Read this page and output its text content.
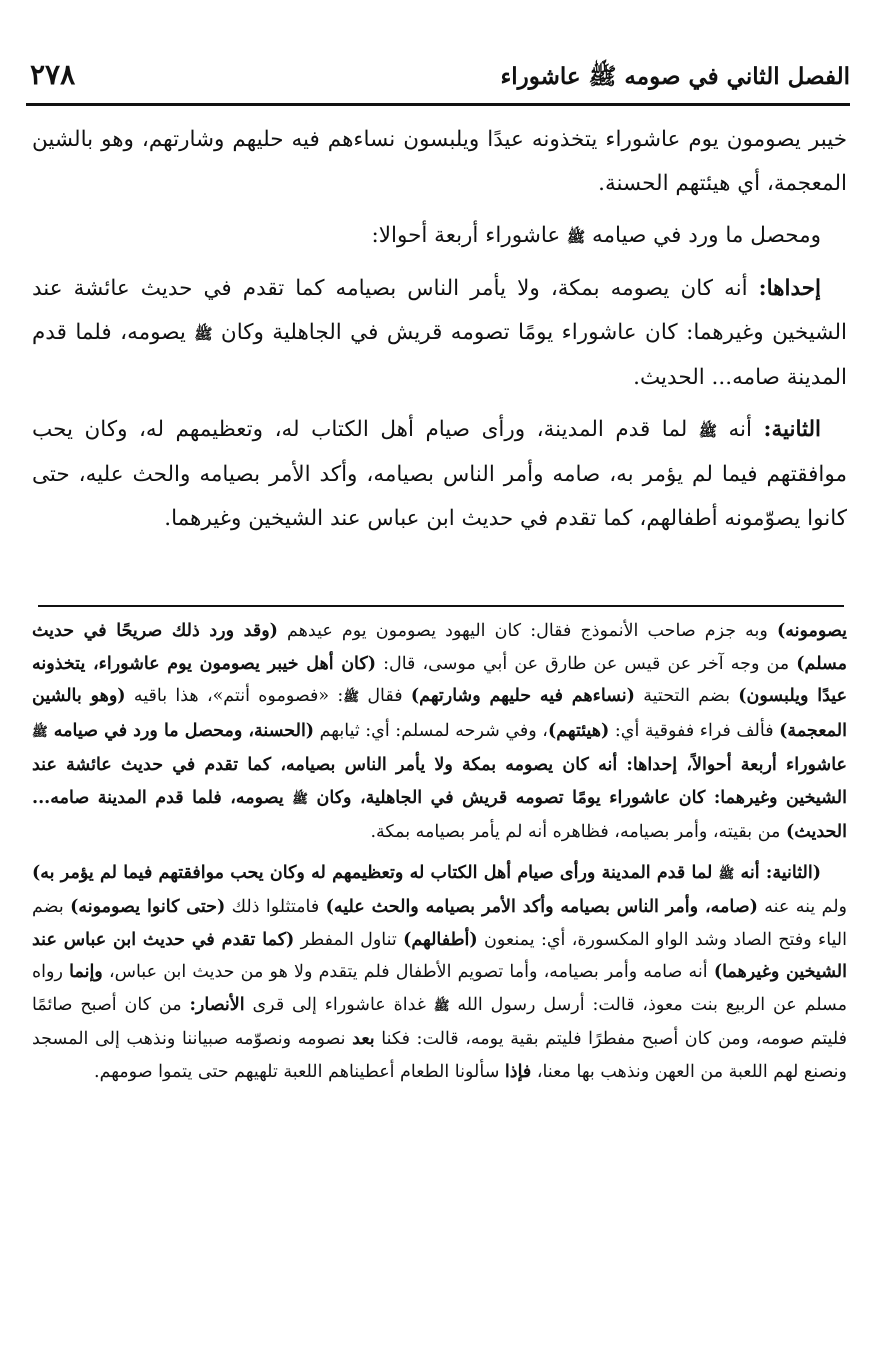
الفصل الثاني في صومه ﷺ عاشوراء
٢٧٨

خيبر يصومون يوم عاشوراء يتخذونه عيدًا ويلبسون نساءهم فيه حليهم وشارتهم، وهو بالشين المعجمة، أي هيئتهم الحسنة.

ومحصل ما ورد في صيامه ﷺ عاشوراء أربعة أحوالا:

إحداها: أنه كان يصومه بمكة، ولا يأمر الناس بصيامه كما تقدم في حديث عائشة عند الشيخين وغيرهما: كان عاشوراء يومًا تصومه قريش في الجاهلية وكان ﷺ يصومه، فلما قدم المدينة صامه... الحديث.

الثانية: أنه ﷺ لما قدم المدينة، ورأى صيام أهل الكتاب له، وتعظيمهم له، وكان يحب موافقتهم فيما لم يؤمر به، صامه وأمر الناس بصيامه، وأكد الأمر بصيامه والحث عليه، حتى كانوا يصوّمونه أطفالهم، كما تقدم في حديث ابن عباس عند الشيخين وغيرهما.

يصومونه) وبه جزم صاحب الأنموذج فقال: كان اليهود يصومون يوم عيدهم (وقد ورد ذلك صريحًا في حديث مسلم) من وجه آخر عن قيس عن طارق عن أبي موسى، قال: (كان أهل خيبر يصومون يوم عاشوراء، يتخذونه عيدًا ويلبسون) بضم التحتية (نساءهم فيه حليهم وشارتهم) فقال ﷺ: «فصوموه أنتم»، هذا باقيه (وهو بالشين المعجمة) فألف فراء ففوقية أي: (هيئتهم)، وفي شرحه لمسلم: أي: ثيابهم (الحسنة، ومحصل ما ورد في صيامه ﷺ عاشوراء أربعة أحوالاً، إحداها: أنه كان يصومه بمكة ولا يأمر الناس بصيامه، كما تقدم في حديث عائشة عند الشيخين وغيرهما: كان عاشوراء يومًا تصومه قريش في الجاهلية، وكان ﷺ يصومه، فلما قدم المدينة صامه... الحديث) من بقيته، وأمر بصيامه، فظاهره أنه لم يأمر بصيامه بمكة.

(الثانية: أنه ﷺ لما قدم المدينة ورأى صيام أهل الكتاب له وتعظيمهم له وكان يحب موافقتهم فيما لم يؤمر به) ولم ينه عنه (صامه، وأمر الناس بصيامه وأكد الأمر بصيامه والحث عليه) فامتثلوا ذلك (حتى كانوا يصومونه) بضم الياء وفتح الصاد وشد الواو المكسورة، أي: يمنعون (أطفالهم) تناول المفطر (كما تقدم في حديث ابن عباس عند الشيخين وغيرهما) أنه صامه وأمر بصيامه، وأما تصويم الأطفال فلم يتقدم ولا هو من حديث ابن عباس، وإنما رواه مسلم عن الربيع بنت معوذ، قالت: أرسل رسول الله ﷺ غداة عاشوراء إلى قرى الأنصار: من كان أصبح صائمًا فليتم صومه، ومن كان أصبح مفطرًا فليتم بقية يومه، قالت: فكنا بعد نصومه ونصوّمه صبياننا ونذهب إلى المسجد ونصنع لهم اللعبة من العهن ونذهب بها معنا، فإذا سألونا الطعام أعطيناهم اللعبة تلهيهم حتى يتموا صومهم.
